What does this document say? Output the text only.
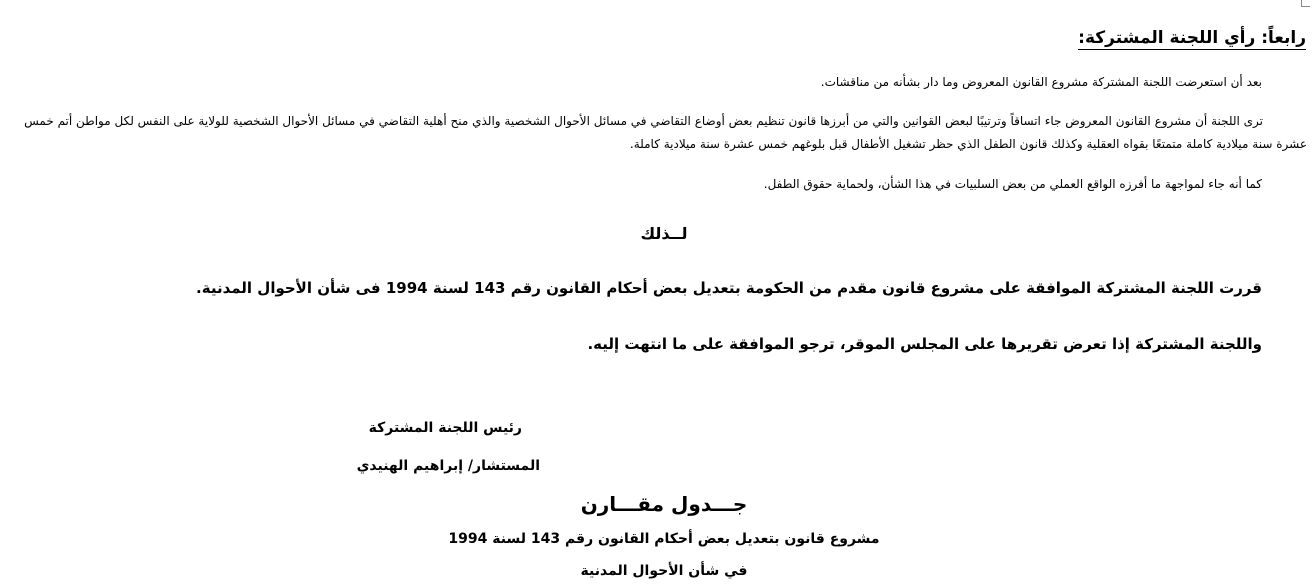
رابعاً: رأي اللجنة المشتركة:

بعد أن استعرضت اللجنة المشتركة مشروع القانون المعروض وما دار بشأنه من مناقشات.

ترى اللجنة أن مشروع القانون المعروض جاء اتساقاً وترتيبًا لبعض القوانين والتي من أبرزها قانون تنظيم بعض أوضاع التقاضي في مسائل الأحوال الشخصية والذي منح أهلية التقاضي في مسائل الأحوال الشخصية للولاية على النفس لكل مواطن أتم خمس عشرة سنة ميلادية كاملة متمتعًا بقواه العقلية وكذلك قانون الطفل الذي حظر تشغيل الأطفال قبل بلوغهم خمس عشرة سنة ميلادية كاملة.

كما أنه جاء لمواجهة ما أفرزه الواقع العملي من بعض السلبيات في هذا الشأن، ولحماية حقوق الطفل.

لــذلك

قررت اللجنة المشتركة الموافقة على مشروع قانون مقدم من الحكومة بتعديل بعض أحكام القانون رقم 143 لسنة 1994 فى شأن الأحوال المدنية.

واللجنة المشتركة إذا تعرض تقريرها على المجلس الموقر، ترجو الموافقة على ما انتهت إليه.

رئيس اللجنة المشتركة
المستشار/ إبراهيم الهنيدي
جـــدول مقـــارن
مشروع قانون بتعديل بعض أحكام القانون رقم 143 لسنة 1994
في شأن الأحوال المدنية
